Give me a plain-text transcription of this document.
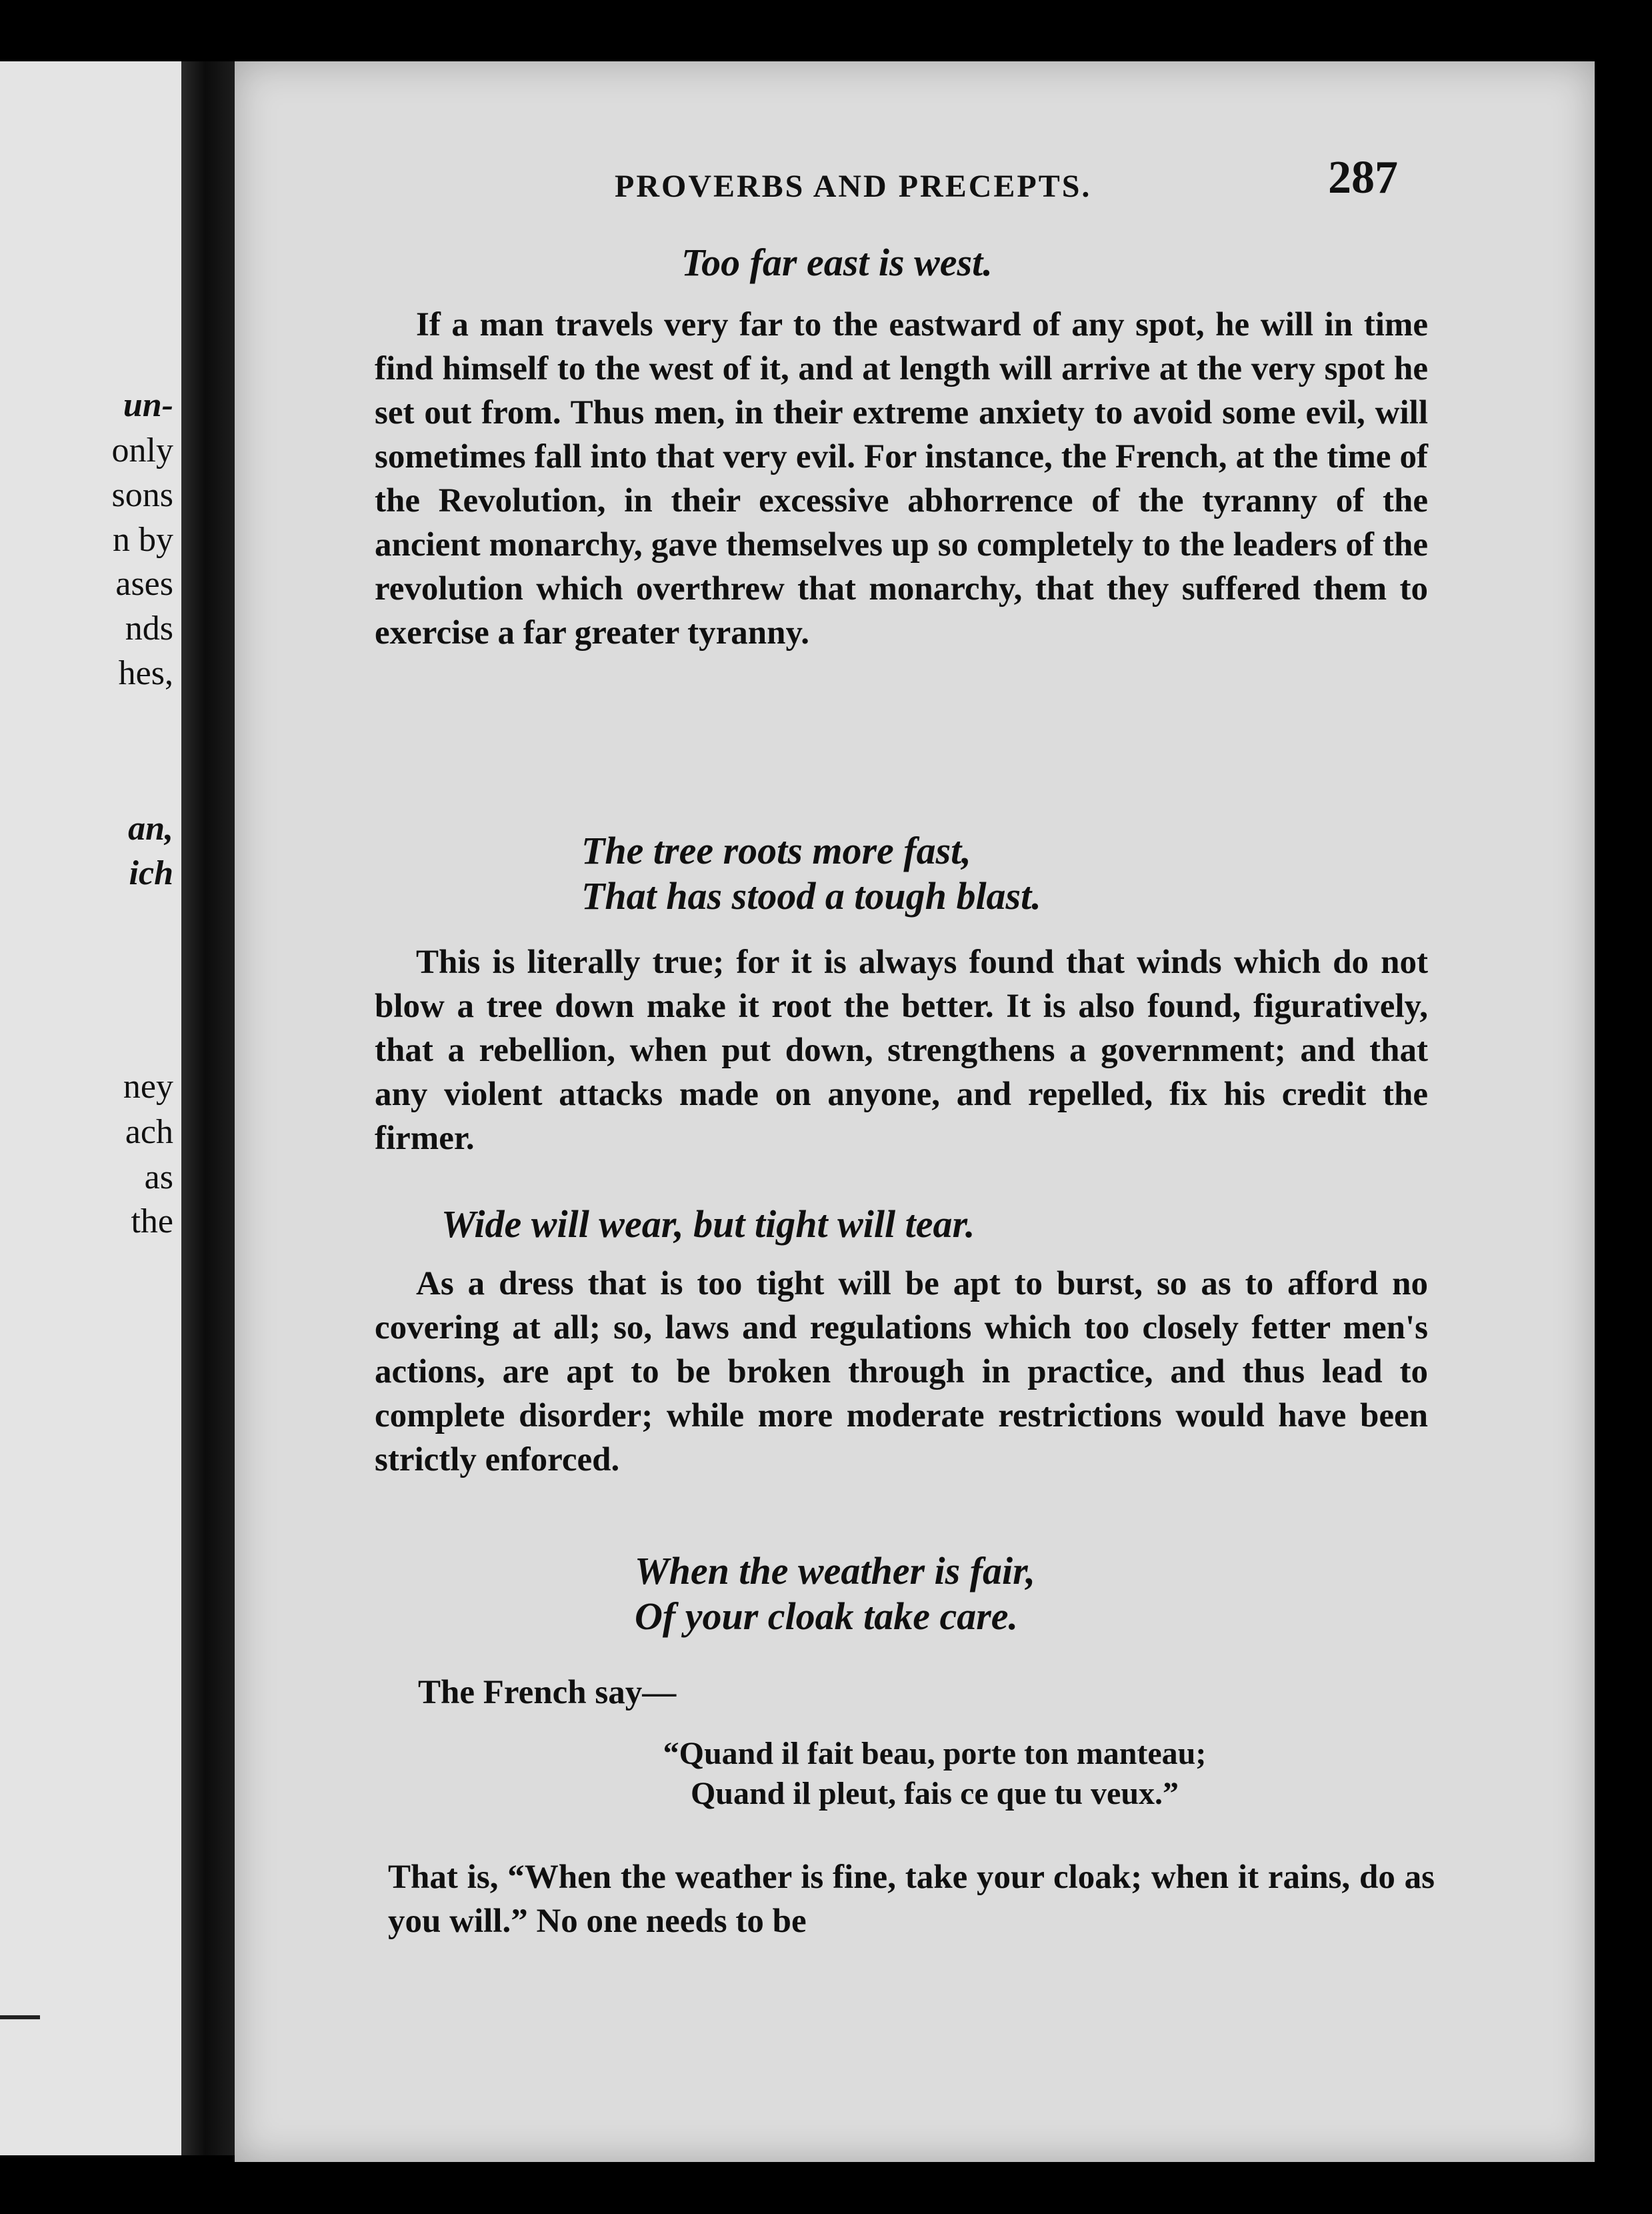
un-

only

sons

n by

ases

nds

hes,

an,

ich

ney

ach

as

the

PROVERBS AND PRECEPTS.	287

Too far east is west.

If a man travels very far to the eastward of any spot, he will in time find himself to the west of it, and at length will arrive at the very spot he set out from. Thus men, in their extreme anxiety to avoid some evil, will sometimes fall into that very evil. For instance, the French, at the time of the Revolution, in their excessive abhorrence of the tyranny of the ancient monarchy, gave themselves up so completely to the leaders of the revolution which overthrew that monarchy, that they suffered them to exercise a far greater tyranny.

The tree roots more fast,
That has stood a tough blast.

This is literally true; for it is always found that winds which do not blow a tree down make it root the better. It is also found, figuratively, that a rebellion, when put down, strengthens a government; and that any violent attacks made on anyone, and repelled, fix his credit the firmer.

Wide will wear, but tight will tear.

As a dress that is too tight will be apt to burst, so as to afford no covering at all; so, laws and regulations which too closely fetter men's actions, are apt to be broken through in practice, and thus lead to complete disorder; while more moderate restrictions would have been strictly enforced.

When the weather is fair,
Of your cloak take care.

The French say—

“Quand il fait beau, porte ton manteau;
Quand il pleut, fais ce que tu veux.”

That is, “When the weather is fine, take your cloak; when it rains, do as you will.” No one needs to be
